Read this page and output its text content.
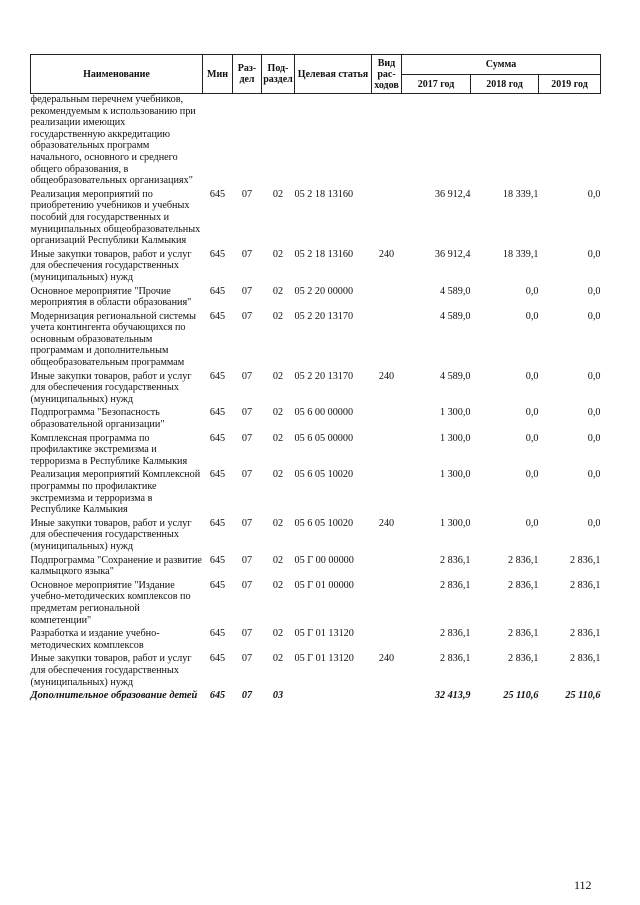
Наименование	Мин	Раз-дел	Под-раздел	Целевая статья	Вид рас-ходов	Сумма		
						2017 год	2018 год	2019 год
федеральным перечнем учебников, рекомендуемым к использованию при реализации имеющих государственную аккредитацию образовательных программ начального, основного и среднего общего образования, в общеобразовательных организациях"								
Реализация мероприятий по приобретению учебников и учебных пособий для государственных и муниципальных общеобразовательных организаций Республики Калмыкия	645	07	02	05 2 18 13160		36 912,4	18 339,1	0,0
Иные закупки товаров, работ и услуг для обеспечения государственных (муниципальных) нужд	645	07	02	05 2 18 13160	240	36 912,4	18 339,1	0,0
Основное мероприятие "Прочие мероприятия в области образования"	645	07	02	05 2 20 00000		4 589,0	0,0	0,0
Модернизация региональной системы учета контингента обучающихся по основным образовательным программам и дополнительным общеобразовательным программам	645	07	02	05 2 20 13170		4 589,0	0,0	0,0
Иные закупки товаров, работ и услуг для обеспечения государственных (муниципальных) нужд	645	07	02	05 2 20 13170	240	4 589,0	0,0	0,0
Подпрограмма "Безопасность образовательной организации"	645	07	02	05 6 00 00000		1 300,0	0,0	0,0
Комплексная программа по профилактике экстремизма и терроризма в Республике Калмыкия	645	07	02	05 6 05 00000		1 300,0	0,0	0,0
Реализация мероприятий Комплексной программы по профилактике экстремизма и терроризма в Республике Калмыкия	645	07	02	05 6 05 10020		1 300,0	0,0	0,0
Иные закупки товаров, работ и услуг для обеспечения государственных (муниципальных) нужд	645	07	02	05 6 05 10020	240	1 300,0	0,0	0,0
Подпрограмма "Сохранение и развитие калмыцкого языка"	645	07	02	05 Г 00 00000		2 836,1	2 836,1	2 836,1
Основное мероприятие "Издание учебно-методических комплексов по предметам региональной компетенции"	645	07	02	05 Г 01 00000		2 836,1	2 836,1	2 836,1
Разработка и издание учебно-методических комплексов	645	07	02	05 Г 01 13120		2 836,1	2 836,1	2 836,1
Иные закупки товаров, работ и услуг для обеспечения государственных (муниципальных) нужд	645	07	02	05 Г 01 13120	240	2 836,1	2 836,1	2 836,1
Дополнительное образование детей	645	07	03			32 413,9	25 110,6	25 110,6
112
